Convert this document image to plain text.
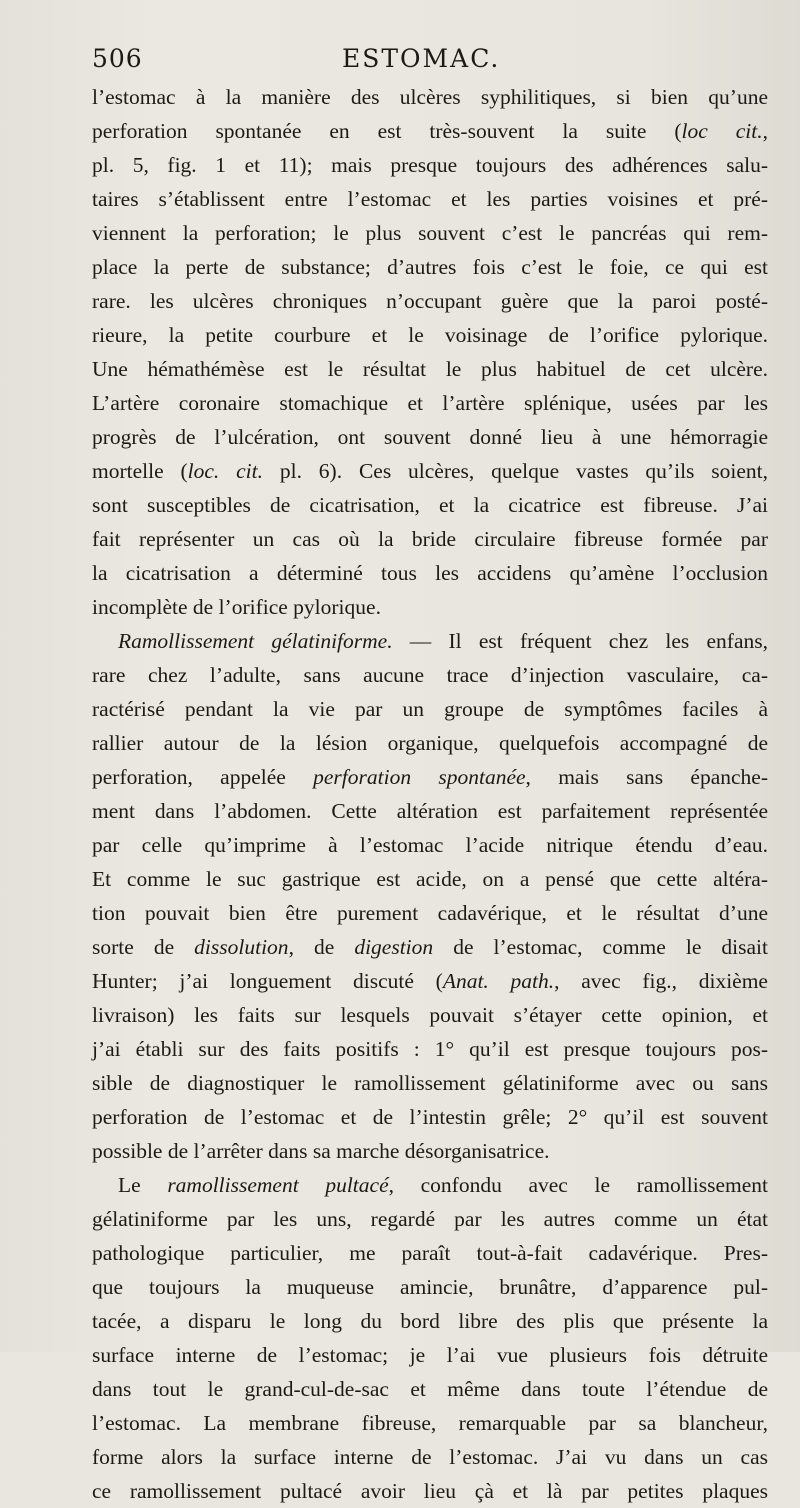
506	ESTOMAC.
l’estomac à la manière des ulcères syphilitiques, si bien qu’une
perforation spontanée en est très-souvent la suite (loc cit.,
pl. 5, fig. 1 et 11); mais presque toujours des adhérences salu-
taires s’établissent entre l’estomac et les parties voisines et pré-
viennent la perforation; le plus souvent c’est le pancréas qui rem-
place la perte de substance; d’autres fois c’est le foie, ce qui est
rare. les ulcères chroniques n’occupant guère que la paroi posté-
rieure, la petite courbure et le voisinage de l’orifice pylorique.
Une hémathémèse est le résultat le plus habituel de cet ulcère.
L’artère coronaire stomachique et l’artère splénique, usées par les
progrès de l’ulcération, ont souvent donné lieu à une hémorragie
mortelle (loc. cit. pl. 6). Ces ulcères, quelque vastes qu’ils soient,
sont susceptibles de cicatrisation, et la cicatrice est fibreuse. J’ai
fait représenter un cas où la bride circulaire fibreuse formée par
la cicatrisation a déterminé tous les accidens qu’amène l’occlusion
incomplète de l’orifice pylorique.
Ramollissement gélatiniforme. — Il est fréquent chez les enfans,
rare chez l’adulte, sans aucune trace d’injection vasculaire, ca-
ractérisé pendant la vie par un groupe de symptômes faciles à
rallier autour de la lésion organique, quelquefois accompagné de
perforation, appelée perforation spontanée, mais sans épanche-
ment dans l’abdomen. Cette altération est parfaitement représentée
par celle qu’imprime à l’estomac l’acide nitrique étendu d’eau.
Et comme le suc gastrique est acide, on a pensé que cette altéra-
tion pouvait bien être purement cadavérique, et le résultat d’une
sorte de dissolution, de digestion de l’estomac, comme le disait
Hunter; j’ai longuement discuté (Anat. path., avec fig., dixième
livraison) les faits sur lesquels pouvait s’étayer cette opinion, et
j’ai établi sur des faits positifs : 1° qu’il est presque toujours pos-
sible de diagnostiquer le ramollissement gélatiniforme avec ou sans
perforation de l’estomac et de l’intestin grêle; 2° qu’il est souvent
possible de l’arrêter dans sa marche désorganisatrice.
Le ramollissement pultacé, confondu avec le ramollissement
gélatiniforme par les uns, regardé par les autres comme un état
pathologique particulier, me paraît tout-à-fait cadavérique. Pres-
que toujours la muqueuse amincie, brunâtre, d’apparence pul-
tacée, a disparu le long du bord libre des plis que présente la
surface interne de l’estomac; je l’ai vue plusieurs fois détruite
dans tout le grand-cul-de-sac et même dans toute l’étendue de
l’estomac. La membrane fibreuse, remarquable par sa blancheur,
forme alors la surface interne de l’estomac. J’ai vu dans un cas
ce ramollissement pultacé avoir lieu çà et là par petites plaques
